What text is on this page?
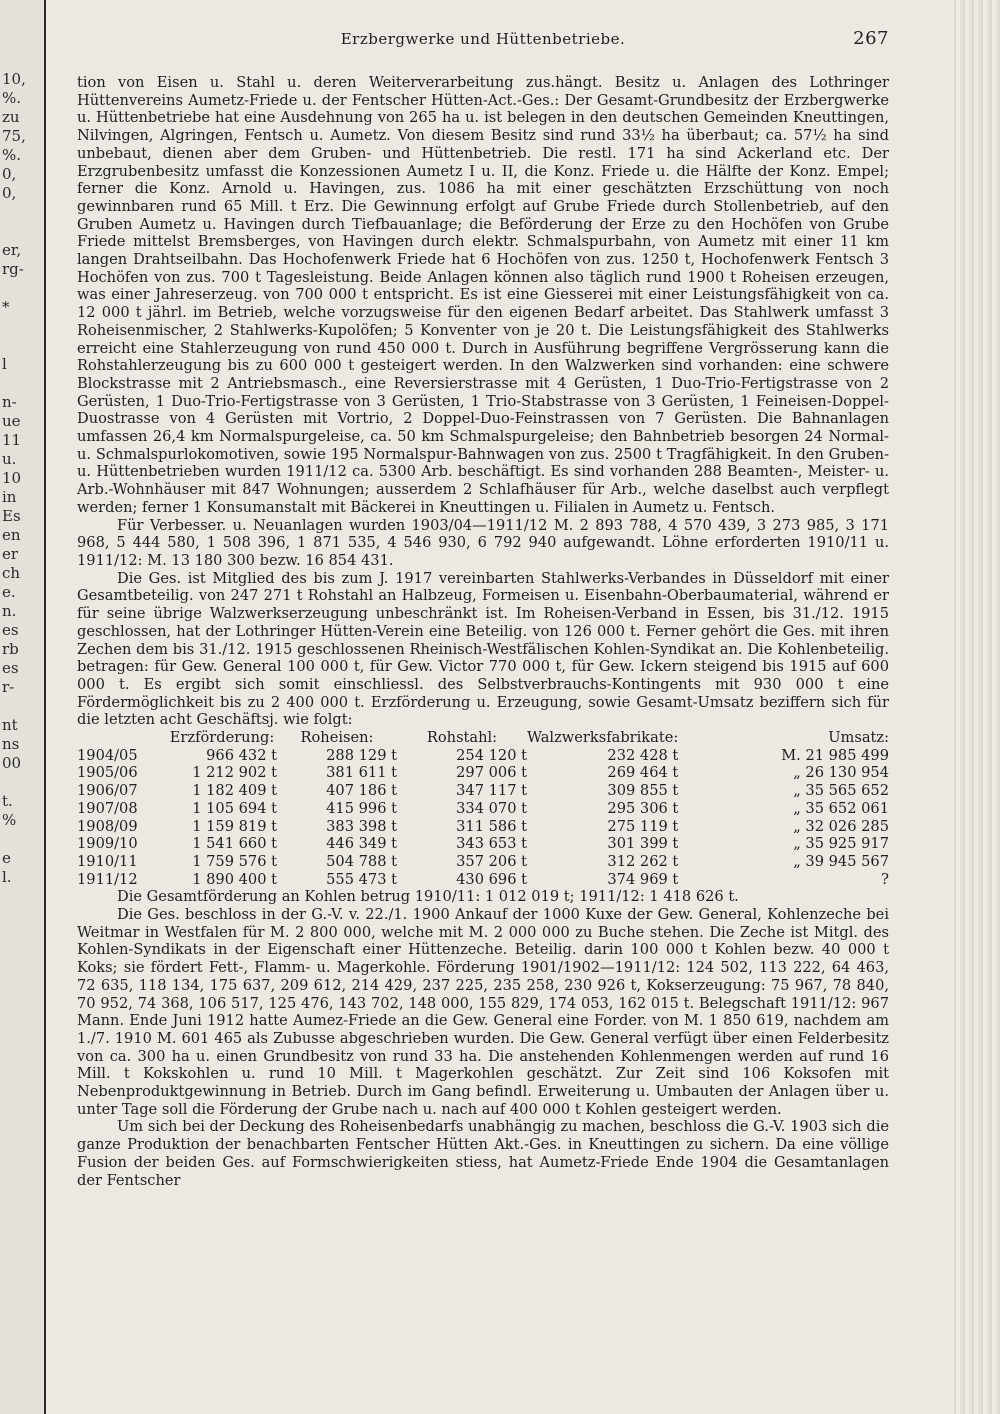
10,
%.
zu
75,
%.
0,
0,
er,
rg-
*
l
n-
ue
11
u.
10
in
Es
en
er
ch
e.
n.
es
rb
es
r-
nt
ns
00
t.
%
e
l.
Erzbergwerke und Hüttenbetriebe.	267

tion von Eisen u. Stahl u. deren Weiterverarbeitung zus.hängt. Besitz u. Anlagen des Lothringer Hüttenvereins Aumetz-Friede u. der Fentscher Hütten-Act.-Ges.: Der Gesamt-Grundbesitz der Erzbergwerke u. Hüttenbetriebe hat eine Ausdehnung von 265 ha u. ist belegen in den deutschen Gemeinden Kneuttingen, Nilvingen, Algringen, Fentsch u. Aumetz. Von diesem Besitz sind rund 33½ ha überbaut; ca. 57½ ha sind unbebaut, dienen aber dem Gruben- und Hüttenbetrieb. Die restl. 171 ha sind Ackerland etc. Der Erzgrubenbesitz umfasst die Konzessionen Aumetz I u. II, die Konz. Friede u. die Hälfte der Konz. Empel; ferner die Konz. Arnold u. Havingen, zus. 1086 ha mit einer geschätzten Erzschüttung von noch gewinnbaren rund 65 Mill. t Erz. Die Gewinnung erfolgt auf Grube Friede durch Stollenbetrieb, auf den Gruben Aumetz u. Havingen durch Tiefbauanlage; die Beförderung der Erze zu den Hochöfen von Grube Friede mittelst Bremsberges, von Havingen durch elektr. Schmalspurbahn, von Aumetz mit einer 11 km langen Drahtseilbahn. Das Hochofenwerk Friede hat 6 Hochöfen von zus. 1250 t, Hochofenwerk Fentsch 3 Hochöfen von zus. 700 t Tagesleistung. Beide Anlagen können also täglich rund 1900 t Roheisen erzeugen, was einer Jahreserzeug. von 700 000 t entspricht. Es ist eine Giesserei mit einer Leistungsfähigkeit von ca. 12 000 t jährl. im Betrieb, welche vorzugsweise für den eigenen Bedarf arbeitet. Das Stahlwerk umfasst 3 Roheisenmischer, 2 Stahlwerks-Kupolöfen; 5 Konventer von je 20 t. Die Leistungsfähigkeit des Stahlwerks erreicht eine Stahlerzeugung von rund 450 000 t. Durch in Ausführung begriffene Vergrösserung kann die Rohstahlerzeugung bis zu 600 000 t gesteigert werden. In den Walzwerken sind vorhanden: eine schwere Blockstrasse mit 2 Antriebsmasch., eine Reversierstrasse mit 4 Gerüsten, 1 Duo-Trio-Fertigstrasse von 2 Gerüsten, 1 Duo-Trio-Fertigstrasse von 3 Gerüsten, 1 Trio-Stabstrasse von 3 Gerüsten, 1 Feineisen-Doppel-Duostrasse von 4 Gerüsten mit Vortrio, 2 Doppel-Duo-Feinstrassen von 7 Gerüsten. Die Bahnanlagen umfassen 26,4 km Normalspurgeleise, ca. 50 km Schmalspurgeleise; den Bahnbetrieb besorgen 24 Normal- u. Schmalspurlokomotiven, sowie 195 Normalspur-Bahnwagen von zus. 2500 t Tragfähigkeit. In den Gruben- u. Hüttenbetrieben wurden 1911/12 ca. 5300 Arb. beschäftigt. Es sind vorhanden 288 Beamten-, Meister- u. Arb.-Wohnhäuser mit 847 Wohnungen; ausserdem 2 Schlafhäuser für Arb., welche daselbst auch verpflegt werden; ferner 1 Konsumanstalt mit Bäckerei in Kneuttingen u. Filialen in Aumetz u. Fentsch.

Für Verbesser. u. Neuanlagen wurden 1903/04—1911/12 M. 2 893 788, 4 570 439, 3 273 985, 3 171 968, 5 444 580, 1 508 396, 1 871 535, 4 546 930, 6 792 940 aufgewandt. Löhne erforderten 1910/11 u. 1911/12: M. 13 180 300 bezw. 16 854 431.

Die Ges. ist Mitglied des bis zum J. 1917 vereinbarten Stahlwerks-Verbandes in Düsseldorf mit einer Gesamtbeteilig. von 247 271 t Rohstahl an Halbzeug, Formeisen u. Eisenbahn-Oberbaumaterial, während er für seine übrige Walzwerkserzeugung unbeschränkt ist. Im Roheisen-Verband in Essen, bis 31./12. 1915 geschlossen, hat der Lothringer Hütten-Verein eine Beteilig. von 126 000 t. Ferner gehört die Ges. mit ihren Zechen dem bis 31./12. 1915 geschlossenen Rheinisch-Westfälischen Kohlen-Syndikat an. Die Kohlenbeteilig. betragen: für Gew. General 100 000 t, für Gew. Victor 770 000 t, für Gew. Ickern steigend bis 1915 auf 600 000 t. Es ergibt sich somit einschliessl. des Selbstverbrauchs-Kontingents mit 930 000 t eine Fördermöglichkeit bis zu 2 400 000 t. Erzförderung u. Erzeugung, sowie Gesamt-Umsatz beziffern sich für die letzten acht Geschäftsj. wie folgt:

	Erzförderung:	Roheisen:	Rohstahl:	Walzwerksfabrikate:	Umsatz:
1904/05	966 432 t	288 129 t	254 120 t	232 428 t	M. 21 985 499
1905/06	1 212 902 t	381 611 t	297 006 t	269 464 t	„ 26 130 954
1906/07	1 182 409 t	407 186 t	347 117 t	309 855 t	„ 35 565 652
1907/08	1 105 694 t	415 996 t	334 070 t	295 306 t	„ 35 652 061
1908/09	1 159 819 t	383 398 t	311 586 t	275 119 t	„ 32 026 285
1909/10	1 541 660 t	446 349 t	343 653 t	301 399 t	„ 35 925 917
1910/11	1 759 576 t	504 788 t	357 206 t	312 262 t	„ 39 945 567
1911/12	1 890 400 t	555 473 t	430 696 t	374 969 t	?

Die Gesamtförderung an Kohlen betrug 1910/11: 1 012 019 t; 1911/12: 1 418 626 t.

Die Ges. beschloss in der G.-V. v. 22./1. 1900 Ankauf der 1000 Kuxe der Gew. General, Kohlenzeche bei Weitmar in Westfalen für M. 2 800 000, welche mit M. 2 000 000 zu Buche stehen. Die Zeche ist Mitgl. des Kohlen-Syndikats in der Eigenschaft einer Hüttenzeche. Beteilig. darin 100 000 t Kohlen bezw. 40 000 t Koks; sie fördert Fett-, Flamm- u. Magerkohle. Förderung 1901/1902—1911/12: 124 502, 113 222, 64 463, 72 635, 118 134, 175 637, 209 612, 214 429, 237 225, 235 258, 230 926 t, Kokserzeugung: 75 967, 78 840, 70 952, 74 368, 106 517, 125 476, 143 702, 148 000, 155 829, 174 053, 162 015 t. Belegschaft 1911/12: 967 Mann. Ende Juni 1912 hatte Aumez-Friede an die Gew. General eine Forder. von M. 1 850 619, nachdem am 1./7. 1910 M. 601 465 als Zubusse abgeschrieben wurden. Die Gew. General verfügt über einen Felderbesitz von ca. 300 ha u. einen Grundbesitz von rund 33 ha. Die anstehenden Kohlenmengen werden auf rund 16 Mill. t Kokskohlen u. rund 10 Mill. t Magerkohlen geschätzt. Zur Zeit sind 106 Koksofen mit Nebenproduktgewinnung in Betrieb. Durch im Gang befindl. Erweiterung u. Umbauten der Anlagen über u. unter Tage soll die Förderung der Grube nach u. nach auf 400 000 t Kohlen gesteigert werden.

Um sich bei der Deckung des Roheisenbedarfs unabhängig zu machen, beschloss die G.-V. 1903 sich die ganze Produktion der benachbarten Fentscher Hütten Akt.-Ges. in Kneuttingen zu sichern. Da eine völlige Fusion der beiden Ges. auf Formschwierigkeiten stiess, hat Aumetz-Friede Ende 1904 die Gesamtanlagen der Fentscher
